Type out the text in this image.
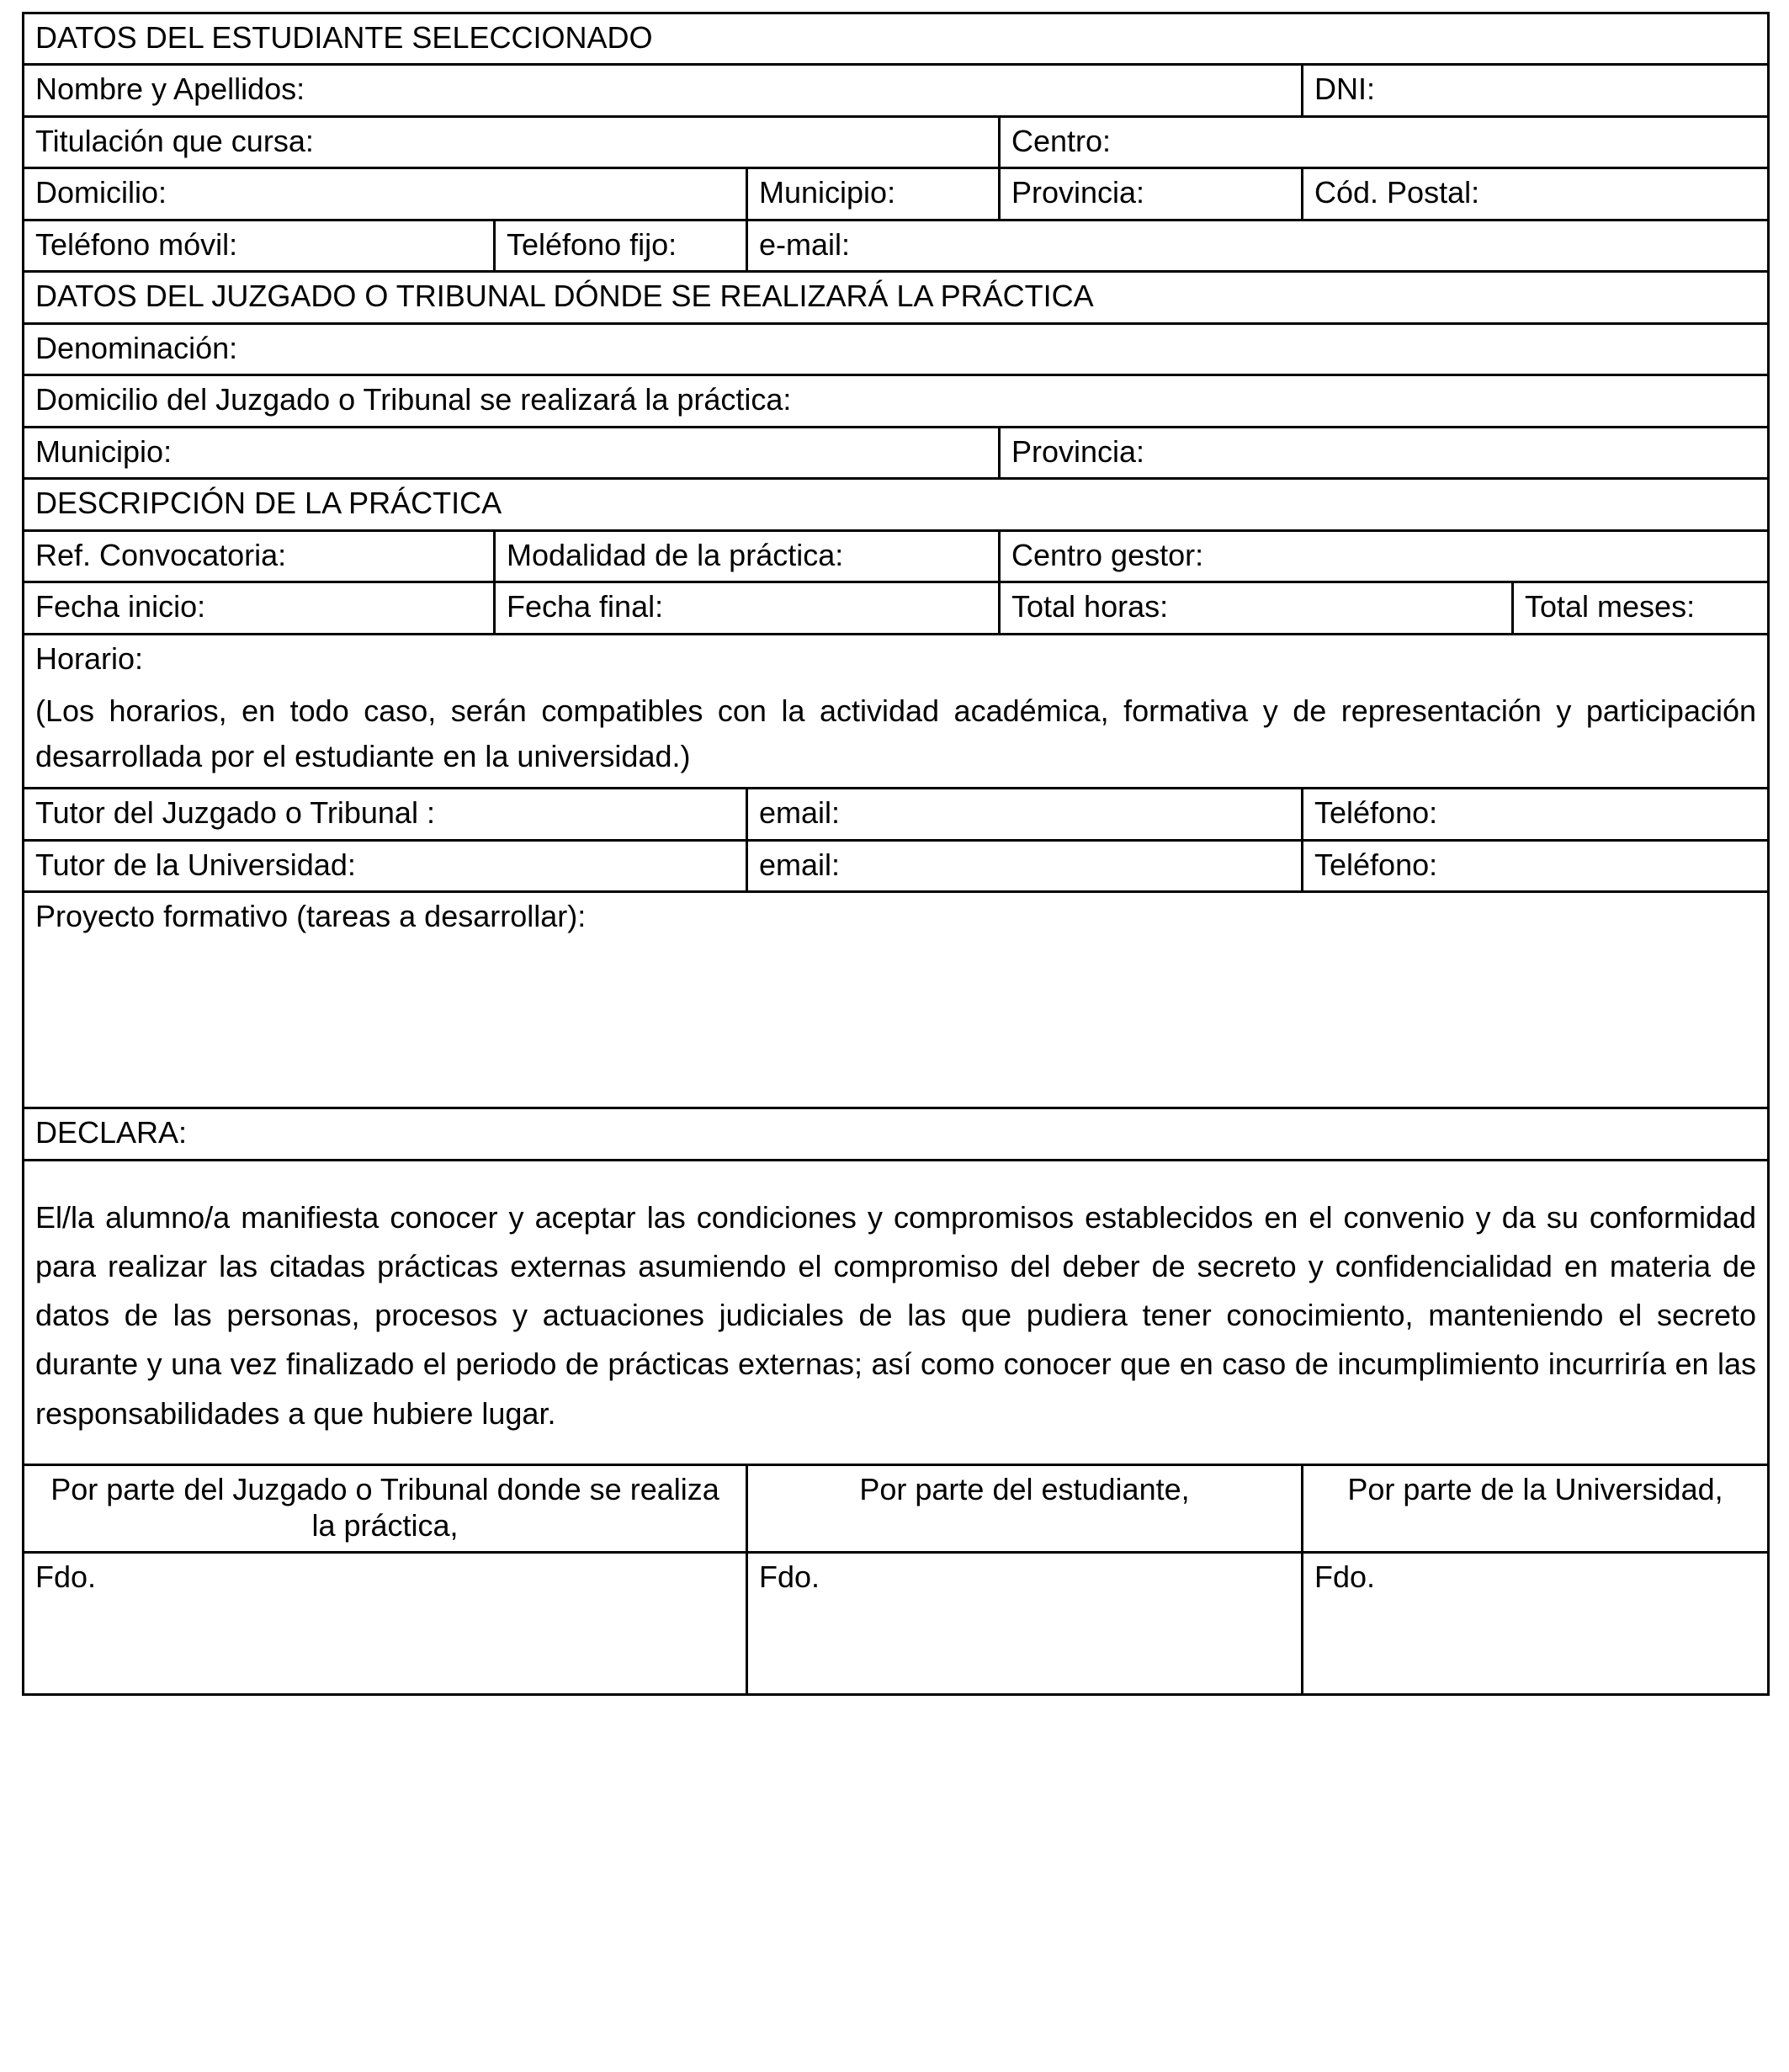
DATOS DEL ESTUDIANTE SELECCIONADO					
Nombre y Apellidos:				DNI:	
Titulación que cursa:			Centro:		
Domicilio:		Municipio:	Provincia:	Cód. Postal:	
Teléfono móvil:	Teléfono fijo:	e-mail:			
DATOS DEL JUZGADO O TRIBUNAL DÓNDE SE REALIZARÁ LA PRÁCTICA					
Denominación:					
Domicilio del Juzgado o Tribunal se realizará la práctica:					
Municipio:			Provincia:		
DESCRIPCIÓN DE LA PRÁCTICA					
Ref. Convocatoria:	Modalidad de la práctica:		Centro gestor:		
Fecha inicio:	Fecha final:		Total horas:		Total meses:

Horario:

(Los horarios, en todo caso, serán compatibles con la actividad académica, formativa y de representación y participación desarrollada por el estudiante en la universidad.)					

Tutor del Juzgado o Tribunal :		email:		Teléfono:	
Tutor de la Universidad:		email:		Teléfono:	
Proyecto formativo (tareas a desarrollar):					
DECLARA:					

El/la alumno/a manifiesta conocer y aceptar las condiciones y compromisos establecidos en el convenio y da su conformidad para realizar las citadas prácticas externas asumiendo el compromiso del deber de secreto y confidencialidad en materia de datos de las personas, procesos y actuaciones judiciales de las que pudiera tener conocimiento, manteniendo el secreto durante y una vez finalizado el periodo de prácticas externas; así como conocer que en caso de incumplimiento incurriría en las responsabilidades a que hubiere lugar.					

Por parte del Juzgado o Tribunal donde se realiza la práctica,		Por parte del estudiante,		Por parte de la Universidad,	
Fdo.		Fdo.		Fdo.	
